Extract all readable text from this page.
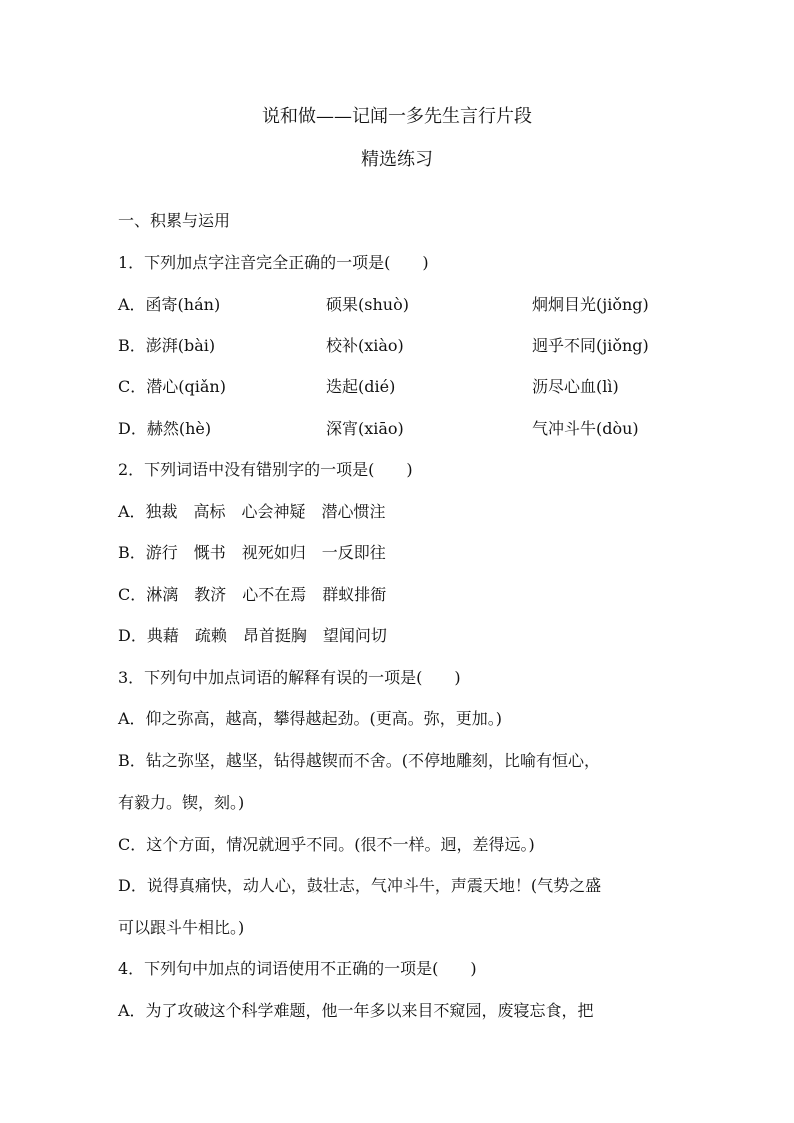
说和做——记闻一多先生言行片段
精选练习
一、积累与运用
1．下列加点字注音完全正确的一项是(　　)
A．函寄(hán)	硕果(shuò)	炯炯目光(jiǒng)
B．澎湃(bài)	校补(xiào)	迥乎不同(jiǒng)
C．潜心(qiǎn)	迭起(dié)	沥尽心血(lì)
D．赫然(hè)	深宵(xiāo)	气冲斗牛(dòu)
2．下列词语中没有错别字的一项是(　　)
A．独裁　高标　心会神疑　潜心惯注
B．游行　慨书　视死如归　一反即往
C．淋漓　教济　心不在焉　群蚁排衙
D．典藉　疏赖　昂首挺胸　望闻问切
3．下列句中加点词语的解释有误的一项是(　　)
A．仰之弥高，越高，攀得越起劲。(更高。弥，更加。)
B．钻之弥坚，越坚，钻得越锲而不舍。(不停地雕刻，比喻有恒心，
有毅力。锲，刻。)
C．这个方面，情况就迥乎不同。(很不一样。迥，差得远。)
D．说得真痛快，动人心，鼓壮志，气冲斗牛，声震天地！(气势之盛
可以跟斗牛相比。)
4．下列句中加点的词语使用不正确的一项是(　　)
A．为了攻破这个科学难题，他一年多以来目不窥园，废寝忘食，把
